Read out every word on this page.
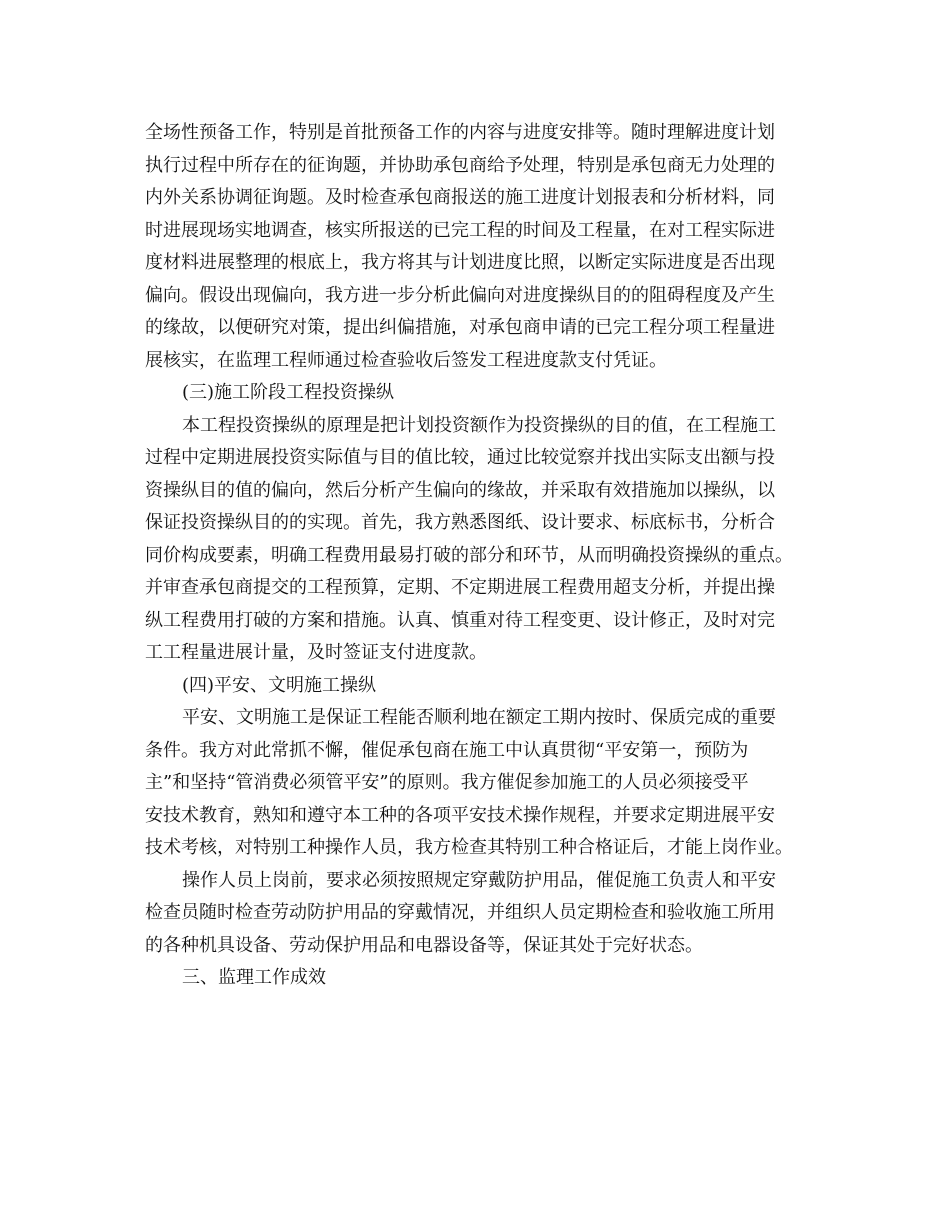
全场性预备工作，特别是首批预备工作的内容与进度安排等。随时理解进度计划
执行过程中所存在的征询题，并协助承包商给予处理，特别是承包商无力处理的
内外关系协调征询题。及时检查承包商报送的施工进度计划报表和分析材料，同
时进展现场实地调查，核实所报送的已完工程的时间及工程量，在对工程实际进
度材料进展整理的根底上，我方将其与计划进度比照，以断定实际进度是否出现
偏向。假设出现偏向，我方进一步分析此偏向对进度操纵目的的阻碍程度及产生
的缘故，以便研究对策，提出纠偏措施，对承包商申请的已完工程分项工程量进
展核实，在监理工程师通过检查验收后签发工程进度款支付凭证。
(三)施工阶段工程投资操纵
本工程投资操纵的原理是把计划投资额作为投资操纵的目的值，在工程施工
过程中定期进展投资实际值与目的值比较，通过比较觉察并找出实际支出额与投
资操纵目的值的偏向，然后分析产生偏向的缘故，并采取有效措施加以操纵，以
保证投资操纵目的的实现。首先，我方熟悉图纸、设计要求、标底标书，分析合
同价构成要素，明确工程费用最易打破的部分和环节，从而明确投资操纵的重点。
并审查承包商提交的工程预算，定期、不定期进展工程费用超支分析，并提出操
纵工程费用打破的方案和措施。认真、慎重对待工程变更、设计修正，及时对完
工工程量进展计量，及时签证支付进度款。
(四)平安、文明施工操纵
平安、文明施工是保证工程能否顺利地在额定工期内按时、保质完成的重要
条件。我方对此常抓不懈，催促承包商在施工中认真贯彻“平安第一，预防为
主”和坚持“管消费必须管平安”的原则。我方催促参加施工的人员必须接受平
安技术教育，熟知和遵守本工种的各项平安技术操作规程，并要求定期进展平安
技术考核，对特别工种操作人员，我方检查其特别工种合格证后，才能上岗作业。
操作人员上岗前，要求必须按照规定穿戴防护用品，催促施工负责人和平安
检查员随时检查劳动防护用品的穿戴情况，并组织人员定期检查和验收施工所用
的各种机具设备、劳动保护用品和电器设备等，保证其处于完好状态。
三、监理工作成效
